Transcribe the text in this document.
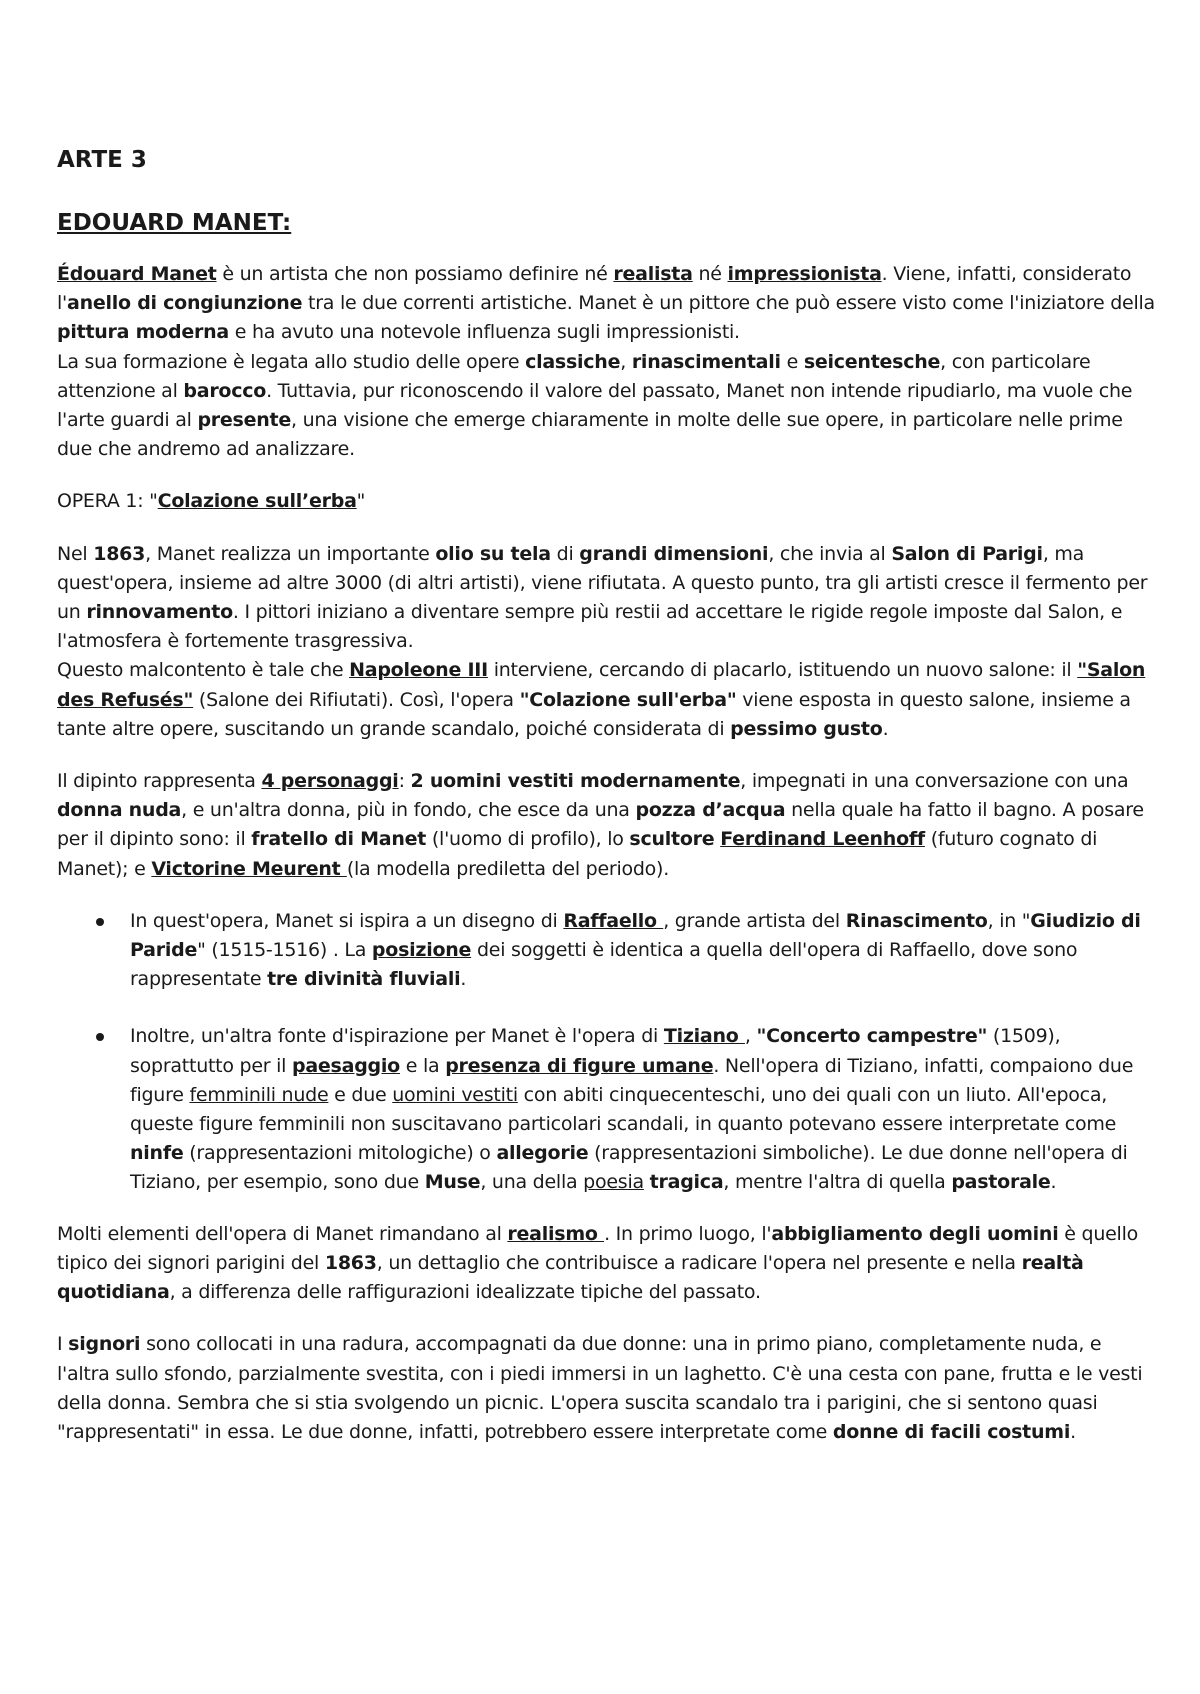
ARTE 3
EDOUARD MANET:

Édouard Manet è un artista che non possiamo definire né realista né impressionista. Viene, infatti, considerato l'anello di congiunzione tra le due correnti artistiche. Manet è un pittore che può essere visto come l'iniziatore della pittura moderna e ha avuto una notevole influenza sugli impressionisti.
La sua formazione è legata allo studio delle opere classiche, rinascimentali e seicentesche, con particolare attenzione al barocco. Tuttavia, pur riconoscendo il valore del passato, Manet non intende ripudiarlo, ma vuole che l'arte guardi al presente, una visione che emerge chiaramente in molte delle sue opere, in particolare nelle prime due che andremo ad analizzare.

OPERA 1: "Colazione sull’erba"

Nel 1863, Manet realizza un importante olio su tela di grandi dimensioni, che invia al Salon di Parigi, ma quest'opera, insieme ad altre 3000 (di altri artisti), viene rifiutata. A questo punto, tra gli artisti cresce il fermento per un rinnovamento. I pittori iniziano a diventare sempre più restii ad accettare le rigide regole imposte dal Salon, e l'atmosfera è fortemente trasgressiva.
Questo malcontento è tale che Napoleone III interviene, cercando di placarlo, istituendo un nuovo salone: il "Salon des Refusés" (Salone dei Rifiutati). Così, l'opera "Colazione sull'erba" viene esposta in questo salone, insieme a tante altre opere, suscitando un grande scandalo, poiché considerata di pessimo gusto.

Il dipinto rappresenta 4 personaggi: 2 uomini vestiti modernamente, impegnati in una conversazione con una donna nuda, e un'altra donna, più in fondo, che esce da una pozza d’acqua nella quale ha fatto il bagno. A posare per il dipinto sono: il fratello di Manet (l'uomo di profilo), lo scultore Ferdinand Leenhoff (futuro cognato di Manet); e Victorine Meurent (la modella prediletta del periodo).

In quest'opera, Manet si ispira a un disegno di Raffaello , grande artista del Rinascimento, in "Giudizio di Paride" (1515-1516) . La posizione dei soggetti è identica a quella dell'opera di Raffaello, dove sono rappresentate tre divinità fluviali.
Inoltre, un'altra fonte d'ispirazione per Manet è l'opera di Tiziano , "Concerto campestre" (1509), soprattutto per il paesaggio e la presenza di figure umane. Nell'opera di Tiziano, infatti, compaiono due figure femminili nude e due uomini vestiti con abiti cinquecenteschi, uno dei quali con un liuto. All'epoca, queste figure femminili non suscitavano particolari scandali, in quanto potevano essere interpretate come ninfe (rappresentazioni mitologiche) o allegorie (rappresentazioni simboliche). Le due donne nell'opera di Tiziano, per esempio, sono due Muse, una della poesia tragica, mentre l'altra di quella pastorale.

Molti elementi dell'opera di Manet rimandano al realismo . In primo luogo, l'abbigliamento degli uomini è quello tipico dei signori parigini del 1863, un dettaglio che contribuisce a radicare l'opera nel presente e nella realtà quotidiana, a differenza delle raffigurazioni idealizzate tipiche del passato.

I signori sono collocati in una radura, accompagnati da due donne: una in primo piano, completamente nuda, e l'altra sullo sfondo, parzialmente svestita, con i piedi immersi in un laghetto. C'è una cesta con pane, frutta e le vesti della donna. Sembra che si stia svolgendo un picnic. L'opera suscita scandalo tra i parigini, che si sentono quasi "rappresentati" in essa. Le due donne, infatti, potrebbero essere interpretate come donne di facili costumi.
